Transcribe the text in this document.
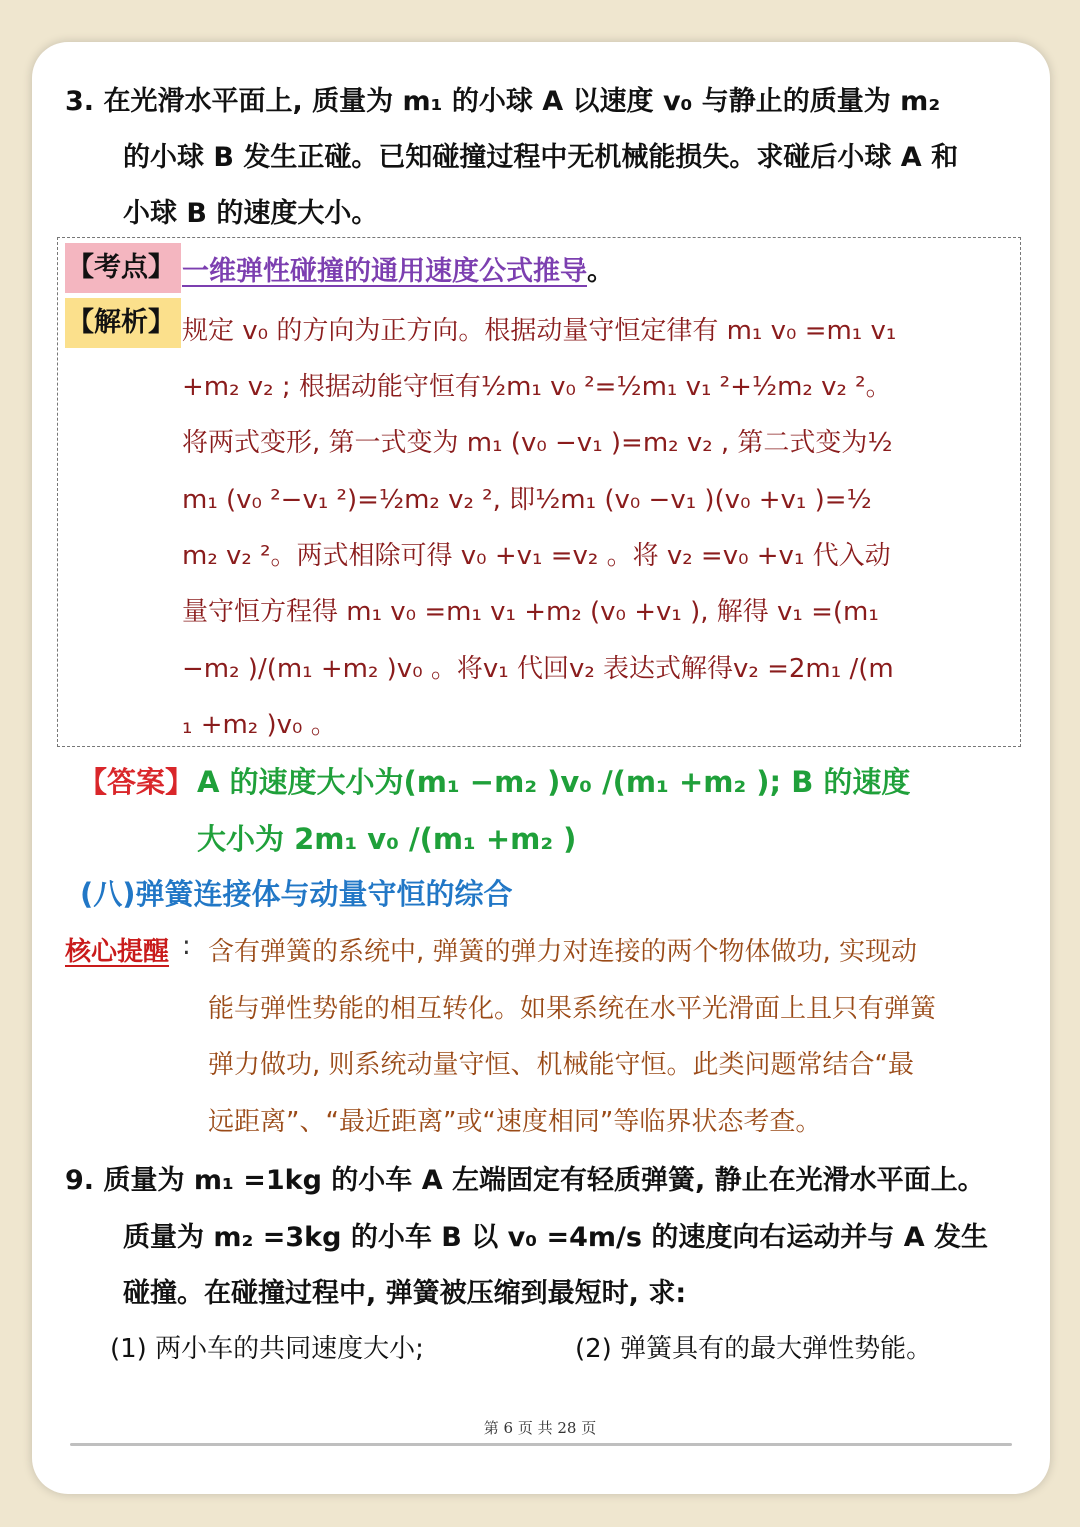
3. 在光滑水平面上, 质量为 m₁ 的小球 A 以速度 v₀ 与静止的质量为 m₂
的小球 B 发生正碰。已知碰撞过程中无机械能损失。求碰后小球 A 和
小球 B 的速度大小。
【考点】 一维弹性碰撞的通用速度公式推导。
【解析】 规定 v₀ 的方向为正方向。根据动量守恒定律有 m₁ v₀ =m₁ v₁
+m₂ v₂ ; 根据动能守恒有½m₁ v₀ ²=½m₁ v₁ ²+½m₂ v₂ ²。
将两式变形, 第一式变为 m₁ (v₀ −v₁ )=m₂ v₂ , 第二式变为½
m₁ (v₀ ²−v₁ ²)=½m₂ v₂ ², 即½m₁ (v₀ −v₁ )(v₀ +v₁ )=½
m₂ v₂ ²。两式相除可得 v₀ +v₁ =v₂ 。将 v₂ =v₀ +v₁ 代入动
量守恒方程得 m₁ v₀ =m₁ v₁ +m₂ (v₀ +v₁ ), 解得 v₁ =(m₁
−m₂ )/(m₁ +m₂ )v₀ 。将v₁ 代回v₂ 表达式解得v₂ =2m₁ /(m
₁ +m₂ )v₀ 。
【答案】 A 的速度大小为(m₁ −m₂ )v₀ /(m₁ +m₂ ); B 的速度
大小为 2m₁ v₀ /(m₁ +m₂ )
(八)弹簧连接体与动量守恒的综合
核心提醒 : 含有弹簧的系统中, 弹簧的弹力对连接的两个物体做功, 实现动
能与弹性势能的相互转化。如果系统在水平光滑面上且只有弹簧
弹力做功, 则系统动量守恒、机械能守恒。此类问题常结合“最
远距离”、“最近距离”或“速度相同”等临界状态考查。
9. 质量为 m₁ =1kg 的小车 A 左端固定有轻质弹簧, 静止在光滑水平面上。
质量为 m₂ =3kg 的小车 B 以 v₀ =4m/s 的速度向右运动并与 A 发生
碰撞。在碰撞过程中, 弹簧被压缩到最短时, 求:
(1) 两小车的共同速度大小;	(2) 弹簧具有的最大弹性势能。
第 6 页 共 28 页
